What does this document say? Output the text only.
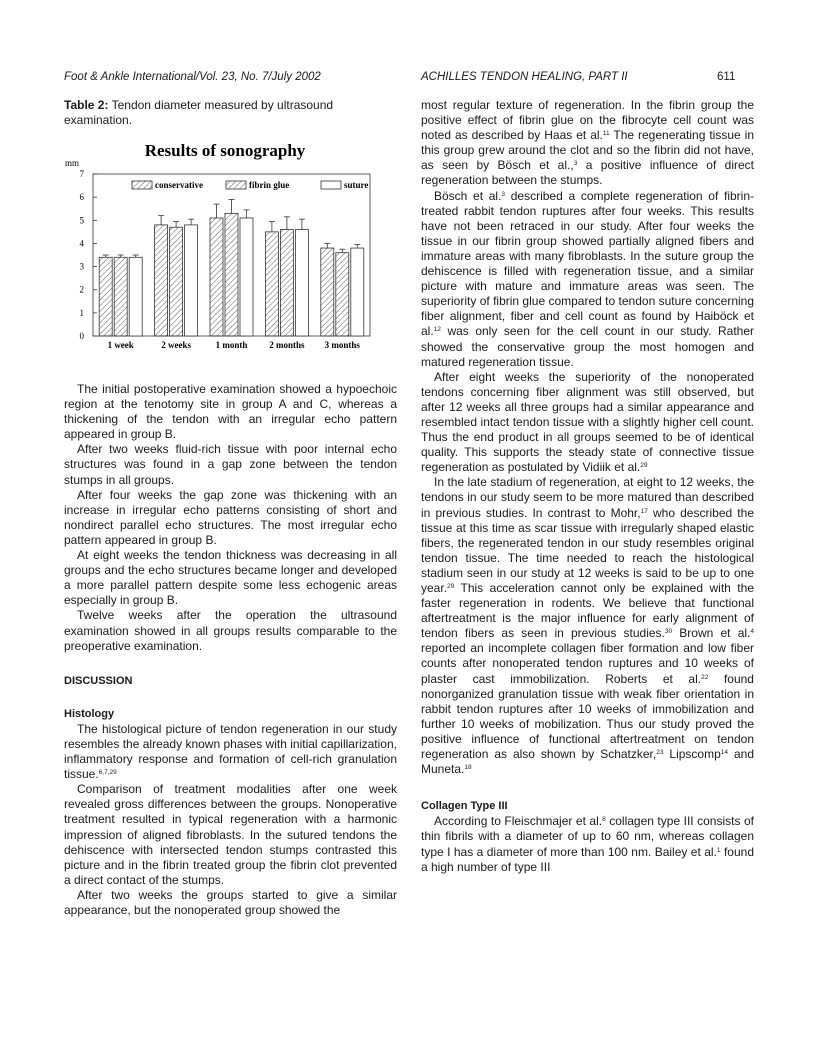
Foot & Ankle International/Vol. 23, No. 7/July 2002	ACHILLES TENDON HEALING, PART II	611
Table 2: Tendon diameter measured by ultrasound examination.
Results of sonography
mm
0
1
2
3
4
5
6
7
1 week	2 weeks	1 month 2 months 3 months
conservative	fibrin glue	suture

The initial postoperative examination showed a hypoechoic region at the tenotomy site in group A and C, whereas a thickening of the tendon with an irregular echo pattern appeared in group B.

After two weeks fluid-rich tissue with poor internal echo structures was found in a gap zone between the tendon stumps in all groups.

After four weeks the gap zone was thickening with an increase in irregular echo patterns consisting of short and nondirect parallel echo structures. The most irregular echo pattern appeared in group B.

At eight weeks the tendon thickness was decreasing in all groups and the echo structures became longer and developed a more parallel pattern despite some less echogenic areas especially in group B.

Twelve weeks after the operation the ultrasound examination showed in all groups results comparable to the preoperative examination.

DISCUSSION
Histology

The histological picture of tendon regeneration in our study resembles the already known phases with initial capillarization, inflammatory response and formation of cell-rich granulation tissue.$^{6,7,29}$

Comparison of treatment modalities after one week revealed gross differences between the groups. Nonoperative treatment resulted in typical regeneration with a harmonic impression of aligned fibroblasts. In the sutured tendons the dehiscence with intersected tendon stumps contrasted this picture and in the fibrin treated group the fibrin clot prevented a direct contact of the stumps.

After two weeks the groups started to give a similar appearance, but the nonoperated group showed the

most regular texture of regeneration. In the fibrin group the positive effect of fibrin glue on the fibrocyte cell count was noted as described by Haas et al.$^{11}$ The regenerating tissue in this group grew around the clot and so the fibrin did not have, as seen by Bösch et al.,$^3$ a positive influence of direct regeneration between the stumps.

Bösch et al.$^3$ described a complete regeneration of fibrin-treated rabbit tendon ruptures after four weeks. This results have not been retraced in our study. After four weeks the tissue in our fibrin group showed partially aligned fibers and immature areas with many fibroblasts. In the suture group the dehiscence is filled with regeneration tissue, and a similar picture with mature and immature areas was seen. The superiority of fibrin glue compared to tendon suture concerning fiber alignment, fiber and cell count as found by Haiböck et al.$^{12}$ was only seen for the cell count in our study. Rather showed the conservative group the most homogen and matured regeneration tissue.

After eight weeks the superiority of the nonoperated tendons concerning fiber alignment was still observed, but after 12 weeks all three groups had a similar appearance and resembled intact tendon tissue with a slightly higher cell count. Thus the end product in all groups seemed to be of identical quality. This supports the steady state of connective tissue regeneration as postulated by Vidiik et al.$^{29}$

In the late stadium of regeneration, at eight to 12 weeks, the tendons in our study seem to be more matured than described in previous studies. In contrast to Mohr,$^{17}$ who described the tissue at this time as scar tissue with irregularly shaped elastic fibers, the regenerated tendon in our study resembles original tendon tissue. The time needed to reach the histological stadium seen in our study at 12 weeks is said to be up to one year.$^{29}$ This acceleration cannot only be explained with the faster regeneration in rodents. We believe that functional aftertreatment is the major influence for early alignment of tendon fibers as seen in previous studies.$^{30}$ Brown et al.$^4$ reported an incomplete collagen fiber formation and low fiber counts after nonoperated tendon ruptures and 10 weeks of plaster cast immobilization. Roberts et al.$^{22}$ found nonorganized granulation tissue with weak fiber orientation in rabbit tendon ruptures after 10 weeks of immobilization and further 10 weeks of mobilization. Thus our study proved the positive influence of functional aftertreatment on tendon regeneration as also shown by Schatzker,$^{23}$ Lipscomp$^{14}$ and Muneta.$^{18}$

Collagen Type III

According to Fleischmajer et al.$^8$ collagen type III consists of thin fibrils with a diameter of up to 60 nm, whereas collagen type I has a diameter of more than 100 nm. Bailey et al.$^1$ found a high number of type III
